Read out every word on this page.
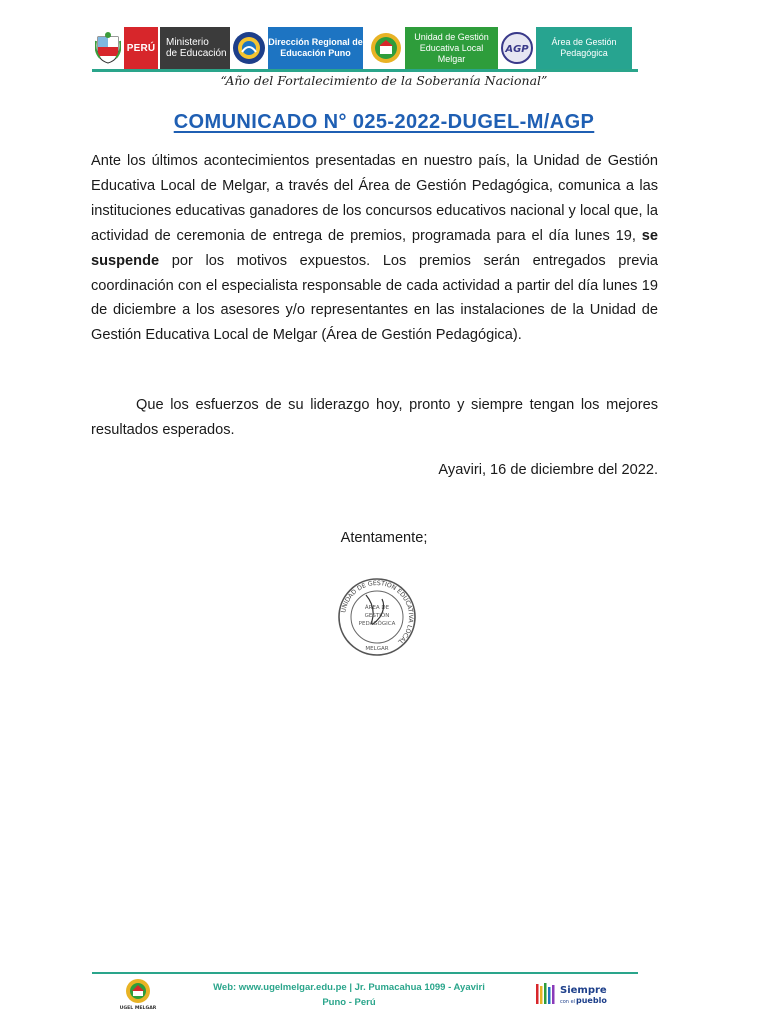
PERÚ Ministerio
de Educación
Dirección Regional de
Educación Puno
Unidad de Gestión
Educativa Local Melgar
AGP
Área de Gestión
Pedagógica
“Año del Fortalecimiento de la Soberanía Nacional”
COMUNICADO N° 025-2022-DUGEL-M/AGP
Ante los últimos acontecimientos presentadas en nuestro país, la Unidad de Gestión Educativa Local de Melgar, a través del Área de Gestión Pedagógica, comunica a las instituciones educativas ganadores de los concursos educativos nacional y local que, la actividad de ceremonia de entrega de premios, programada para el día lunes 19, se suspende por los motivos expuestos. Los premios serán entregados previa coordinación con el especialista responsable de cada actividad a partir del día lunes 19 de diciembre a los asesores y/o representantes en las instalaciones de la Unidad de Gestión Educativa Local de Melgar (Área de Gestión Pedagógica).
Que los esfuerzos de su liderazgo hoy, pronto y siempre tengan los mejores resultados esperados.
Ayaviri, 16 de diciembre del 2022.
Atentamente;
UNIDAD DE GESTIÓN EDUCATIVA LOCAL
ÁREA DE
GESTIÓN
PEDAGÓGICA
MELGAR
UGEL MELGAR
Web: www.ugelmelgar.edu.pe | Jr. Pumacahua 1099 - Ayaviri
Puno - Perú
Siempre
con el pueblo
